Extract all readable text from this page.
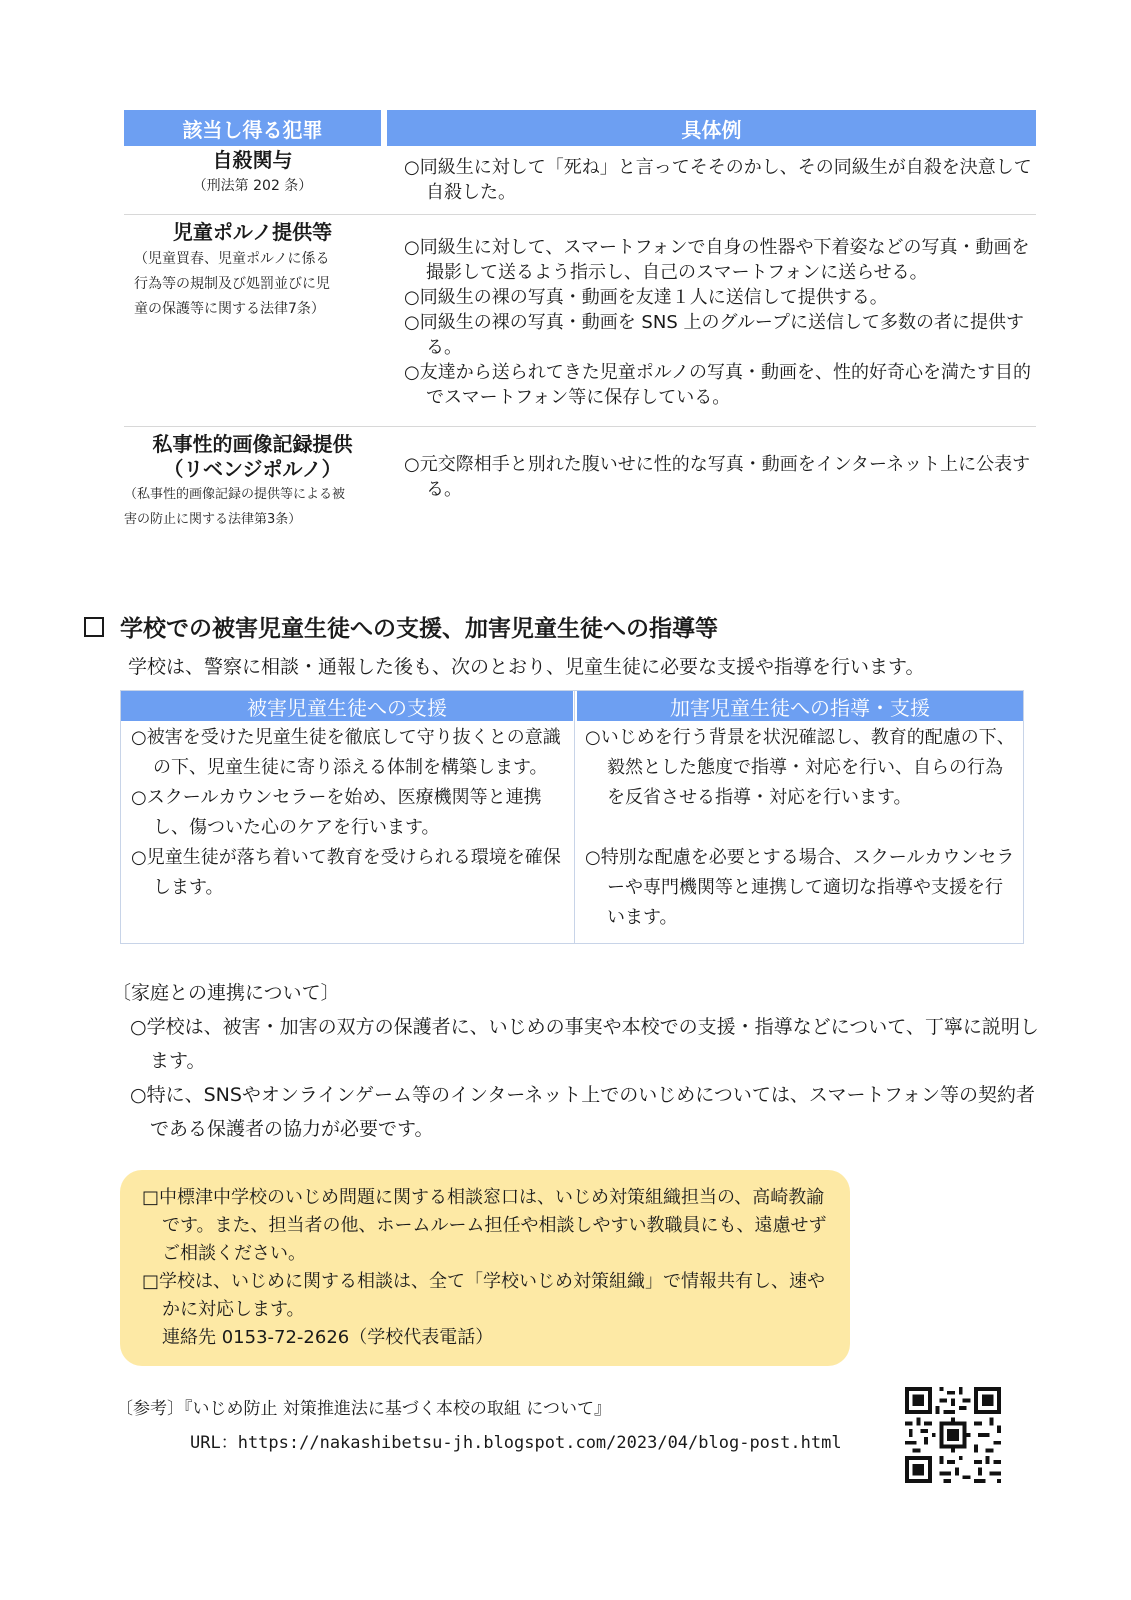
該当し得る犯罪	具体例
自殺関与
（刑法第 202 条）

○同級生に対して「死ね」と言ってそそのかし、その同級生が自殺を決意して自殺した。

児童ポルノ提供等
（児童買春、児童ポルノに係る
行為等の規制及び処罰並びに児
童の保護等に関する法律7条）

○同級生に対して、スマートフォンで自身の性器や下着姿などの写真・動画を撮影して送るよう指示し、自己のスマートフォンに送らせる。

○同級生の裸の写真・動画を友達１人に送信して提供する。

○同級生の裸の写真・動画を SNS 上のグループに送信して多数の者に提供する。

○友達から送られてきた児童ポルノの写真・動画を、性的好奇心を満たす目的でスマートフォン等に保存している。

私事性的画像記録提供
（リベンジポルノ）
（私事性的画像記録の提供等による被
害の防止に関する法律第3条）

○元交際相手と別れた腹いせに性的な写真・動画をインターネット上に公表する。

学校での被害児童生徒への支援、加害児童生徒への指導等
学校は、警察に相談・通報した後も、次のとおり、児童生徒に必要な支援や指導を行います。
被害児童生徒への支援	加害児童生徒への指導・支援

○被害を受けた児童生徒を徹底して守り抜くとの意識の下、児童生徒に寄り添える体制を構築します。

○スクールカウンセラーを始め、医療機関等と連携し、傷ついた心のケアを行います。

○児童生徒が落ち着いて教育を受けられる環境を確保します。

○いじめを行う背景を状況確認し、教育的配慮の下、毅然とした態度で指導・対応を行い、自らの行為を反省させる指導・対応を行います。

○特別な配慮を必要とする場合、スクールカウンセラーや専門機関等と連携して適切な指導や支援を行います。

〔家庭との連携について〕

○学校は、被害・加害の双方の保護者に、いじめの事実や本校での支援・指導などについて、丁寧に説明します。

○特に、SNSやオンラインゲーム等のインターネット上でのいじめについては、スマートフォン等の契約者である保護者の協力が必要です。

□中標津中学校のいじめ問題に関する相談窓口は、いじめ対策組織担当の、高崎教諭です。また、担当者の他、ホームルーム担任や相談しやすい教職員にも、遠慮せずご相談ください。

□学校は、いじめに関する相談は、全て「学校いじめ対策組織」で情報共有し、速やかに対応します。

連絡先 0153-72-2626（学校代表電話）
〔参考〕『いじめ防止 対策推進法に基づく本校の取組 について』
URL：https://nakashibetsu-jh.blogspot.com/2023/04/blog-post.html
